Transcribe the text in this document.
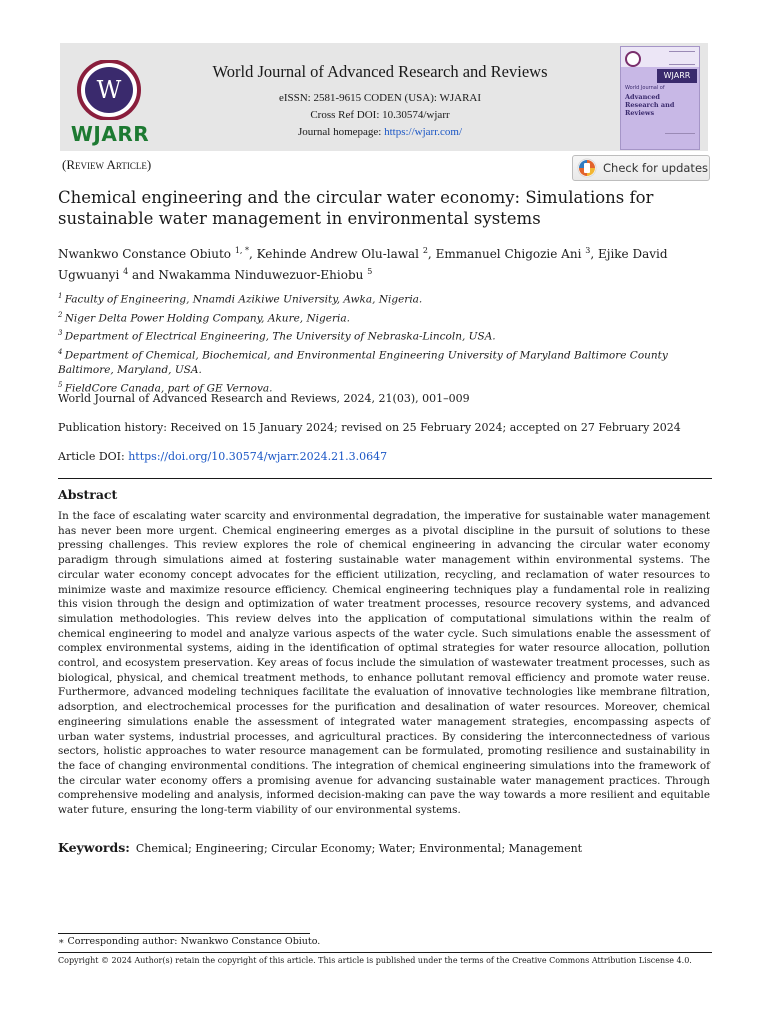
W
WJARR
World Journal of Advanced Research and Reviews
eISSN: 2581-9615 CODEN (USA): WJARAI
Cross Ref DOI: 10.30574/wjarr
Journal homepage: https://wjarr.com/
WJARR
World Journal of
Advanced Research and Reviews
(Review Article)	Check for updates
Chemical engineering and the circular water economy: Simulations for sustainable water management in environmental systems
Nwankwo Constance Obiuto $^{1, *}$, Kehinde Andrew Olu-lawal $^2$, Emmanuel Chigozie Ani $^3$, Ejike David Ugwuanyi $^4$ and Nwakamma Ninduwezuor-Ehiobu $^5$
$^1$ Faculty of Engineering, Nnamdi Azikiwe University, Awka, Nigeria.
$^2$ Niger Delta Power Holding Company, Akure, Nigeria.
$^3$ Department of Electrical Engineering, The University of Nebraska-Lincoln, USA.
$^4$ Department of Chemical, Biochemical, and Environmental Engineering University of Maryland Baltimore County
Baltimore, Maryland, USA.
$^5$ FieldCore Canada, part of GE Vernova.
World Journal of Advanced Research and Reviews, 2024, 21(03), 001–009
Publication history: Received on 15 January 2024; revised on 25 February 2024; accepted on 27 February 2024
Article DOI: https://doi.org/10.30574/wjarr.2024.21.3.0647
Abstract
In the face of escalating water scarcity and environmental degradation, the imperative for sustainable water management has never been more urgent. Chemical engineering emerges as a pivotal discipline in the pursuit of solutions to these pressing challenges. This review explores the role of chemical engineering in advancing the circular water economy paradigm through simulations aimed at fostering sustainable water management within environmental systems. The circular water economy concept advocates for the efficient utilization, recycling, and reclamation of water resources to minimize waste and maximize resource efficiency. Chemical engineering techniques play a fundamental role in realizing this vision through the design and optimization of water treatment processes, resource recovery systems, and advanced simulation methodologies. This review delves into the application of computational simulations within the realm of chemical engineering to model and analyze various aspects of the water cycle. Such simulations enable the assessment of complex environmental systems, aiding in the identification of optimal strategies for water resource allocation, pollution control, and ecosystem preservation. Key areas of focus include the simulation of wastewater treatment processes, such as biological, physical, and chemical treatment methods, to enhance pollutant removal efficiency and promote water reuse. Furthermore, advanced modeling techniques facilitate the evaluation of innovative technologies like membrane filtration, adsorption, and electrochemical processes for the purification and desalination of water resources. Moreover, chemical engineering simulations enable the assessment of integrated water management strategies, encompassing aspects of urban water systems, industrial processes, and agricultural practices. By considering the interconnectedness of various sectors, holistic approaches to water resource management can be formulated, promoting resilience and sustainability in the face of changing environmental conditions. The integration of chemical engineering simulations into the framework of the circular water economy offers a promising avenue for advancing sustainable water management practices. Through comprehensive modeling and analysis, informed decision-making can pave the way towards a more resilient and equitable water future, ensuring the long-term viability of our environmental systems.
Keywords: Chemical; Engineering; Circular Economy; Water; Environmental; Management
∗ Corresponding author: Nwankwo Constance Obiuto.
Copyright © 2024 Author(s) retain the copyright of this article. This article is published under the terms of the Creative Commons Attribution Liscense 4.0.
